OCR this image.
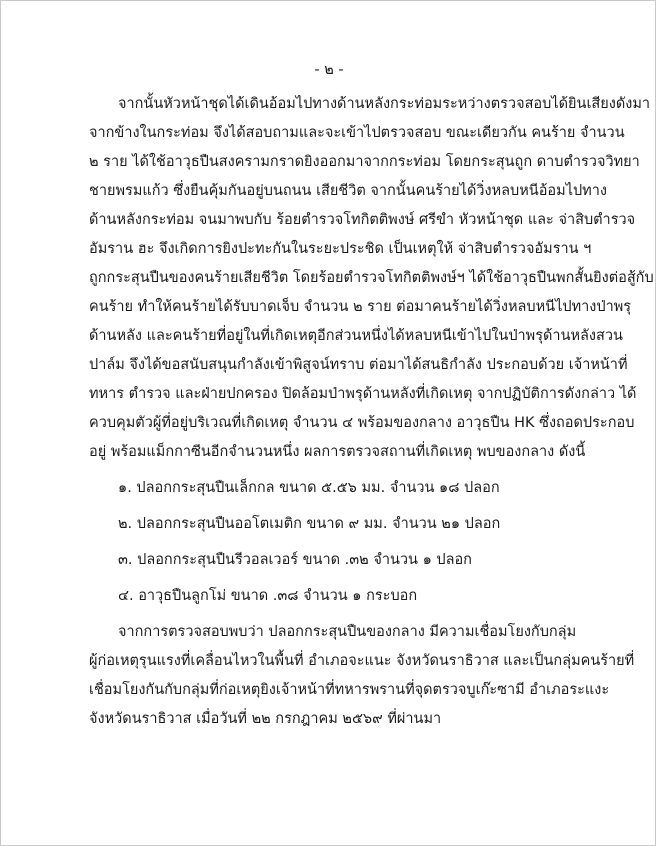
- ๒ -
จากนั้นหัวหน้าชุดได้เดินอ้อมไปทางด้านหลังกระท่อมระหว่างตรวจสอบได้ยินเสียงดังมา
จากข้างในกระท่อม จึงได้สอบถามและจะเข้าไปตรวจสอบ ขณะเดียวกัน คนร้าย จำนวน
๒ ราย ได้ใช้อาวุธปืนสงครามกราดยิงออกมาจากกระท่อม โดยกระสุนถูก ดาบตำรวจวิทยา
ชายพรมแก้ว ซึ่งยืนคุ้มกันอยู่บนถนน เสียชีวิต จากนั้นคนร้ายได้วิ่งหลบหนีอ้อมไปทาง
ด้านหลังกระท่อม จนมาพบกับ ร้อยตำรวจโทกิตติพงษ์ ศรีขำ หัวหน้าชุด และ จ่าสิบตำรวจ
อัมราน ฮะ จึงเกิดการยิงปะทะกันในระยะประชิด เป็นเหตุให้ จ่าสิบตำรวจอัมราน ฯ
ถูกกระสุนปืนของคนร้ายเสียชีวิต โดยร้อยตำรวจโทกิตติพงษ์ฯ ได้ใช้อาวุธปืนพกสั้นยิงต่อสู้กับ
คนร้าย ทำให้คนร้ายได้รับบาดเจ็บ จำนวน ๒ ราย ต่อมาคนร้ายได้วิ่งหลบหนีไปทางป่าพรุ
ด้านหลัง และคนร้ายที่อยู่ในที่เกิดเหตุอีกส่วนหนึ่งได้หลบหนีเข้าไปในป่าพรุด้านหลังสวน
ปาล์ม จึงได้ขอสนับสนุนกำลังเข้าพิสูจน์ทราบ ต่อมาได้สนธิกำลัง ประกอบด้วย เจ้าหน้าที่
ทหาร ตำรวจ และฝ่ายปกครอง ปิดล้อมป่าพรุด้านหลังที่เกิดเหตุ จากปฏิบัติการดังกล่าว ได้
ควบคุมตัวผู้ที่อยู่บริเวณที่เกิดเหตุ จำนวน ๔ พร้อมของกลาง อาวุธปืน HK ซึ่งถอดประกอบ
อยู่ พร้อมแม็กกาซีนอีกจำนวนหนึ่ง ผลการตรวจสถานที่เกิดเหตุ พบของกลาง ดังนี้
๑. ปลอกกระสุนปืนเล็กกล ขนาด ๕.๕๖ มม. จำนวน ๑๘ ปลอก
๒. ปลอกกระสุนปืนออโตเมติก ขนาด ๙ มม. จำนวน ๒๑ ปลอก
๓. ปลอกกระสุนปืนรีวอลเวอร์ ขนาด .๓๒ จำนวน ๑ ปลอก
๔. อาวุธปืนลูกโม่ ขนาด .๓๘ จำนวน ๑ กระบอก
จากการตรวจสอบพบว่า ปลอกกระสุนปืนของกลาง มีความเชื่อมโยงกับกลุ่ม
ผู้ก่อเหตุรุนแรงที่เคลื่อนไหวในพื้นที่ อำเภอจะแนะ จังหวัดนราธิวาส และเป็นกลุ่มคนร้ายที่
เชื่อมโยงกันกับกลุ่มที่ก่อเหตุยิงเจ้าหน้าที่ทหารพรานที่จุดตรวจบูเก๊ะซามี อำเภอระแงะ
จังหวัดนราธิวาส เมื่อวันที่ ๒๒ กรกฎาคม ๒๕๖๙ ที่ผ่านมา
